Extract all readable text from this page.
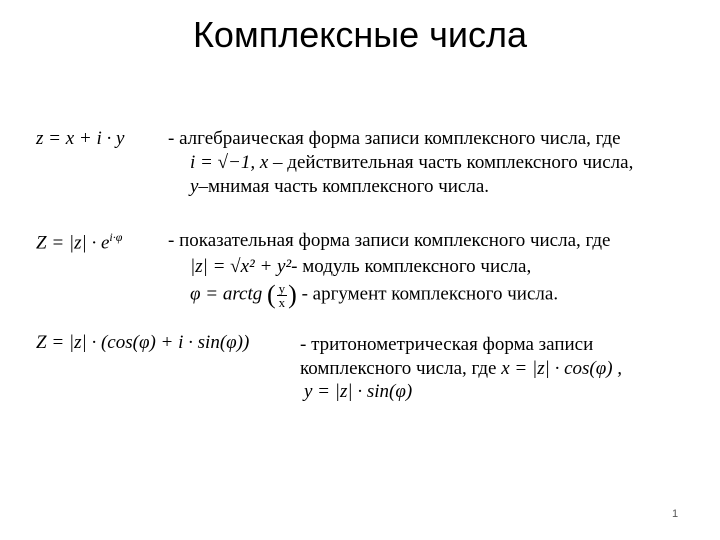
Комплексные числа
z = x + i · y - алгебраическая форма записи комплексного числа, где
i = √−1, x – действительная часть комплексного числа,
y–мнимая часть комплексного числа.
$Z = |z| \cdot e^{i\cdot\varphi}$ - показательная форма записи комплексного числа, где
|z| = √x² + y²- модуль комплексного числа,
φ = arctg ( $\frac{y}{x}$ ) - аргумент комплексного числа.
Z = |z| · (cos(φ) + i · sin(φ))	- тритонометрическая форма записи
комплексного числа, где x = |z| · cos(φ) ,
y = |z| · sin(φ)
1
